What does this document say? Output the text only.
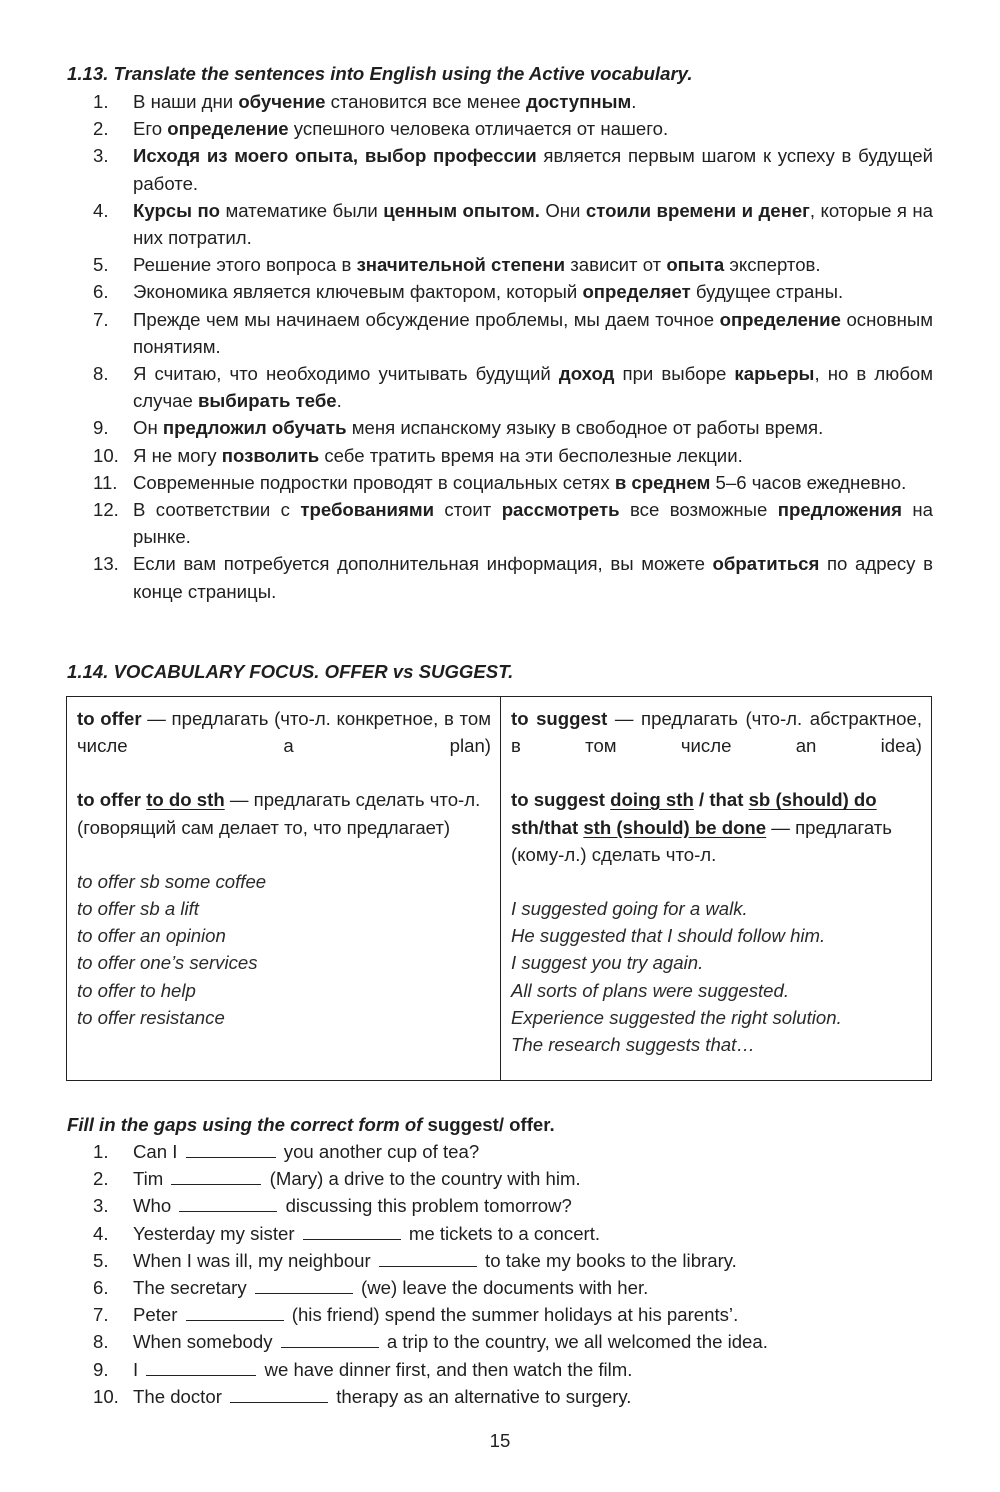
1.13. Translate the sentences into English using the Active vocabulary.

1.	В наши дни обучение становится все менее доступным.
2.	Его определение успешного человека отличается от нашего.
3.	Исходя из моего опыта, выбор профессии является первым шагом к успеху в будущей работе.
4.	Курсы по математике были ценным опытом. Они стоили времени и денег, которые я на них потратил.
5.	Решение этого вопроса в значительной степени зависит от опыта экспертов.
6.	Экономика является ключевым фактором, который определяет будущее страны.
7.	Прежде чем мы начинаем обсуждение проблемы, мы даем точное определение основным понятиям.
8.	Я считаю, что необходимо учитывать будущий доход при выборе карьеры, но в любом случае выбирать тебе.
9.	Он предложил обучать меня испанскому языку в свободное от работы время.
10. Я не могу позволить себе тратить время на эти бесполезные лекции.
11. Современные подростки проводят в социальных сетях в среднем 5–6 часов ежедневно.
12. В соответствии с требованиями стоит рассмотреть все возможные предложения на рынке.
13. Если вам потребуется дополнительная информация, вы можете обратиться по адресу в конце страницы.

1.14. VOCABULARY FOCUS. OFFER vs SUGGEST.

to offer — предлагать (что-л. конкретное, в том числе a plan)

to offer to do sth — предлагать сделать что-л. (говорящий сам делает то, что предлагает)

to offer sb some coffee

to offer sb a lift

to offer an opinion

to offer one’s services

to offer to help

to offer resistance

to suggest — предлагать (что-л. абстрактное, в том числе an idea)

to suggest doing sth / that sb (should) do sth/that sth (should) be done — предлагать (кому-л.) сделать что-л.

I suggested going for a walk.

He suggested that I should follow him.

I suggest you try again.

All sorts of plans were suggested.

Experience suggested the right solution.

The research suggests that…

Fill in the gaps using the correct form of suggest/ offer.

1.	Can I	you another cup of tea?
2.	Tim	(Mary) a drive to the country with him.
3.	Who	discussing this problem tomorrow?
4.	Yesterday my sister	me tickets to a concert.
5.	When I was ill, my neighbour	to take my books to the library.
6.	The secretary	(we) leave the documents with her.
7.	Peter	(his friend) spend the summer holidays at his parents’.
8.	When somebody	a trip to the country, we all welcomed the idea.
9.	I	we have dinner first, and then watch the film.
10. The doctor	therapy as an alternative to surgery.
15
